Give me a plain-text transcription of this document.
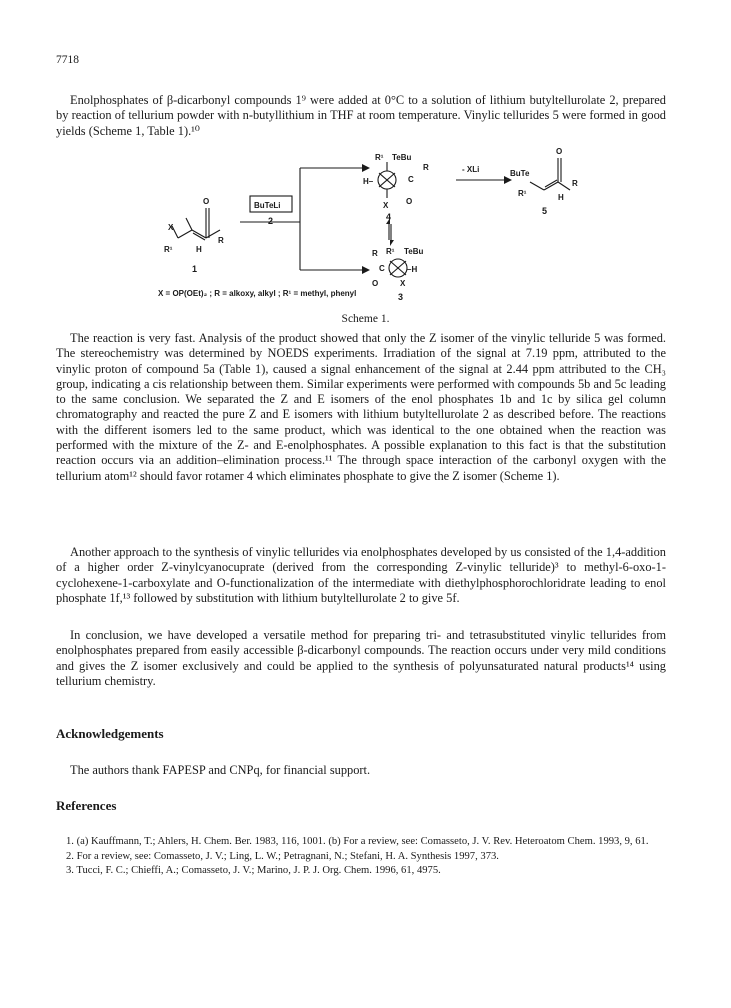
7718

Enolphosphates of β-dicarbonyl compounds 1⁹ were added at 0°C to a solution of lithium butyltellurolate 2, prepared by reaction of tellurium powder with n-butyllithium in THF at room temperature. Vinylic tellurides 5 were formed in good yields (Scheme 1, Table 1).¹⁰

O
X
R
R¹	H
1
BuTeLi
2
R¹ TeBu
R
H–	C
X O
4
- XLi
O
BuTe
R
R¹	H
5
R R¹ TeBu
C	–H
O	X
3
X = OP(OEt)₂ ; R = alkoxy, alkyl ; R¹ = methyl, phenyl
Scheme 1.

The reaction is very fast. Analysis of the product showed that only the Z isomer of the vinylic telluride 5 was formed. The stereochemistry was determined by NOEDS experiments. Irradiation of the signal at 7.19 ppm, attributed to the vinylic proton of compound 5a (Table 1), caused a signal enhancement of the signal at 2.44 ppm attributed to the CH₃ group, indicating a cis relationship between them. Similar experiments were performed with compounds 5b and 5c leading to the same conclusion. We separated the Z and E isomers of the enol phosphates 1b and 1c by silica gel column chromatography and reacted the pure Z and E isomers with lithium butyltellurolate 2 as described before. The reactions with the different isomers led to the same product, which was identical to the one obtained when the reaction was performed with the mixture of the Z- and E-enolphosphates. A possible explanation to this fact is that the substitution reaction occurs via an addition–elimination process.¹¹ The through space interaction of the carbonyl oxygen with the tellurium atom¹² should favor rotamer 4 which eliminates phosphate to give the Z isomer (Scheme 1).

Another approach to the synthesis of vinylic tellurides via enolphosphates developed by us consisted of the 1,4-addition of a higher order Z-vinylcyanocuprate (derived from the corresponding Z-vinylic telluride)³ to methyl-6-oxo-1-cyclohexene-1-carboxylate and O-functionalization of the intermediate with diethylphosphorochloridrate leading to enol phosphate 1f,¹³ followed by substitution with lithium butyltellurolate 2 to give 5f.

In conclusion, we have developed a versatile method for preparing tri- and tetrasubstituted vinylic tellurides from enolphosphates prepared from easily accessible β-dicarbonyl compounds. The reaction occurs under very mild conditions and gives the Z isomer exclusively and could be applied to the synthesis of polyunsaturated natural products¹⁴ using tellurium chemistry.

Acknowledgements
The authors thank FAPESP and CNPq, for financial support.
References
1. (a) Kauffmann, T.; Ahlers, H. Chem. Ber. 1983, 116, 1001. (b) For a review, see: Comasseto, J. V. Rev. Heteroatom Chem. 1993, 9, 61.
2. For a review, see: Comasseto, J. V.; Ling, L. W.; Petragnani, N.; Stefani, H. A. Synthesis 1997, 373.
3. Tucci, F. C.; Chieffi, A.; Comasseto, J. V.; Marino, J. P. J. Org. Chem. 1996, 61, 4975.
